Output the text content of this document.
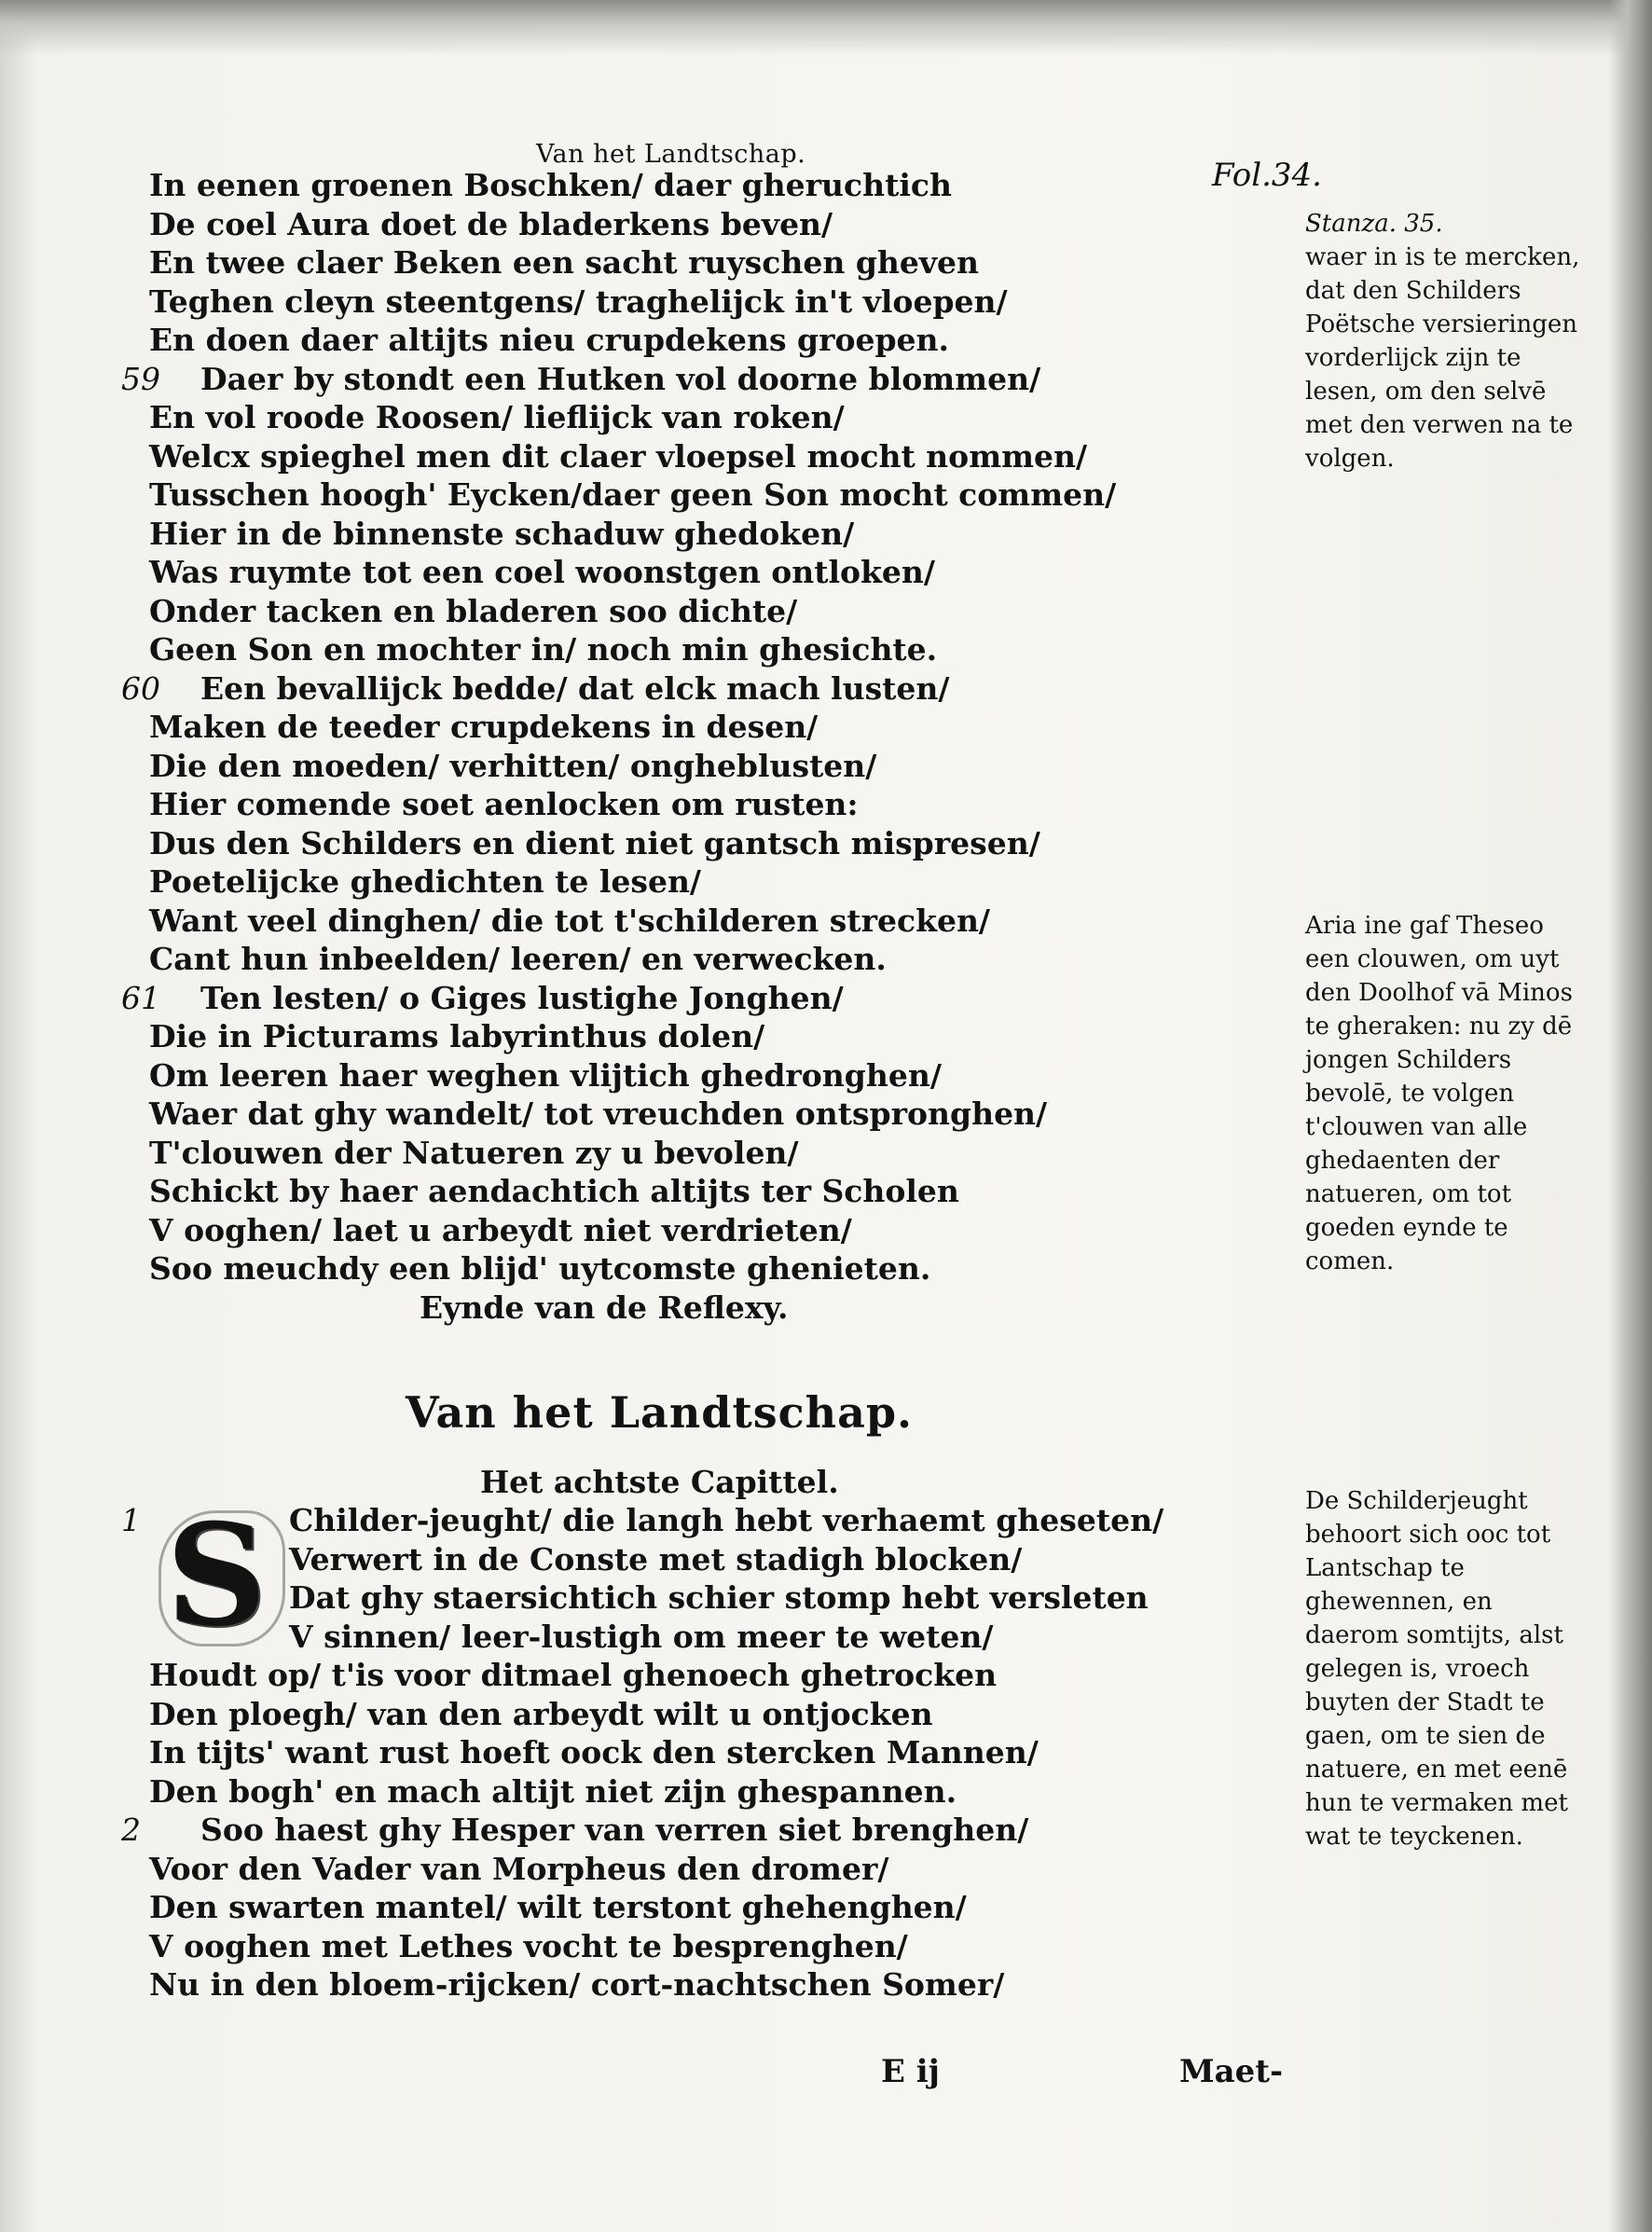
Van het Landtschap.
Fol.34.
In eenen groenen Boschken/ daer gheruchtich
De coel Aura doet de bladerkens beven/
En twee claer Beken een sacht ruyschen gheven
Teghen cleyn steentgens/ traghelijck in't vloepen/
En doen daer altijts nieu crupdekens groepen.
59 Daer by stondt een Hutken vol doorne blommen/
En vol roode Roosen/ lieflijck van roken/
Welcx spieghel men dit claer vloepsel mocht nommen/
Tusschen hoogh' Eycken/daer geen Son mocht commen/
Hier in de binnenste schaduw ghedoken/
Was ruymte tot een coel woonstgen ontloken/
Onder tacken en bladeren soo dichte/
Geen Son en mochter in/ noch min ghesichte.
60 Een bevallijck bedde/ dat elck mach lusten/
Maken de teeder crupdekens in desen/
Die den moeden/ verhitten/ ongheblusten/
Hier comende soet aenlocken om rusten:
Dus den Schilders en dient niet gantsch mispresen/
Poetelijcke ghedichten te lesen/
Want veel dinghen/ die tot t'schilderen strecken/
Cant hun inbeelden/ leeren/ en verwecken.
61 Ten lesten/ o Giges lustighe Jonghen/
Die in Picturams labyrinthus dolen/
Om leeren haer weghen vlijtich ghedronghen/
Waer dat ghy wandelt/ tot vreuchden ontspronghen/
T'clouwen der Natueren zy u bevolen/
Schickt by haer aendachtich altijts ter Scholen
V ooghen/ laet u arbeydt niet verdrieten/
Soo meuchdy een blijd' uytcomste ghenieten.
Eynde van de Reflexy.
Van het Landtschap.
Het achtste Capittel.
S
1	Childer-jeught/ die langh hebt verhaemt gheseten/
Verwert in de Conste met stadigh blocken/
Dat ghy staersichtich schier stomp hebt versleten
V sinnen/ leer-lustigh om meer te weten/
Houdt op/ t'is voor ditmael ghenoech ghetrocken
Den ploegh/ van den arbeydt wilt u ontjocken
In tijts' want rust hoeft oock den stercken Mannen/
Den bogh' en mach altijt niet zijn ghespannen.
2 Soo haest ghy Hesper van verren siet brenghen/
Voor den Vader van Morpheus den dromer/
Den swarten mantel/ wilt terstont ghehenghen/
V ooghen met Lethes vocht te besprenghen/
Nu in den bloem-rijcken/ cort-nachtschen Somer/
Stanza. 35.
waer in is te mercken, dat den Schilders Poëtsche versieringen vorderlijck zijn te lesen, om den selvē met den verwen na te volgen.
Aria ine gaf Theseo een clouwen, om uyt den Doolhof vā Minos te gheraken: nu zy dē jongen Schilders bevolē, te volgen t'clouwen van alle ghedaenten der natueren, om tot goeden eynde te comen.
De Schilderjeught behoort sich ooc tot Lantschap te ghewennen, en daerom somtijts, alst gelegen is, vroech buyten der Stadt te gaen, om te sien de natuere, en met eenē hun te vermaken met wat te teyckenen.
E ij	Maet-
